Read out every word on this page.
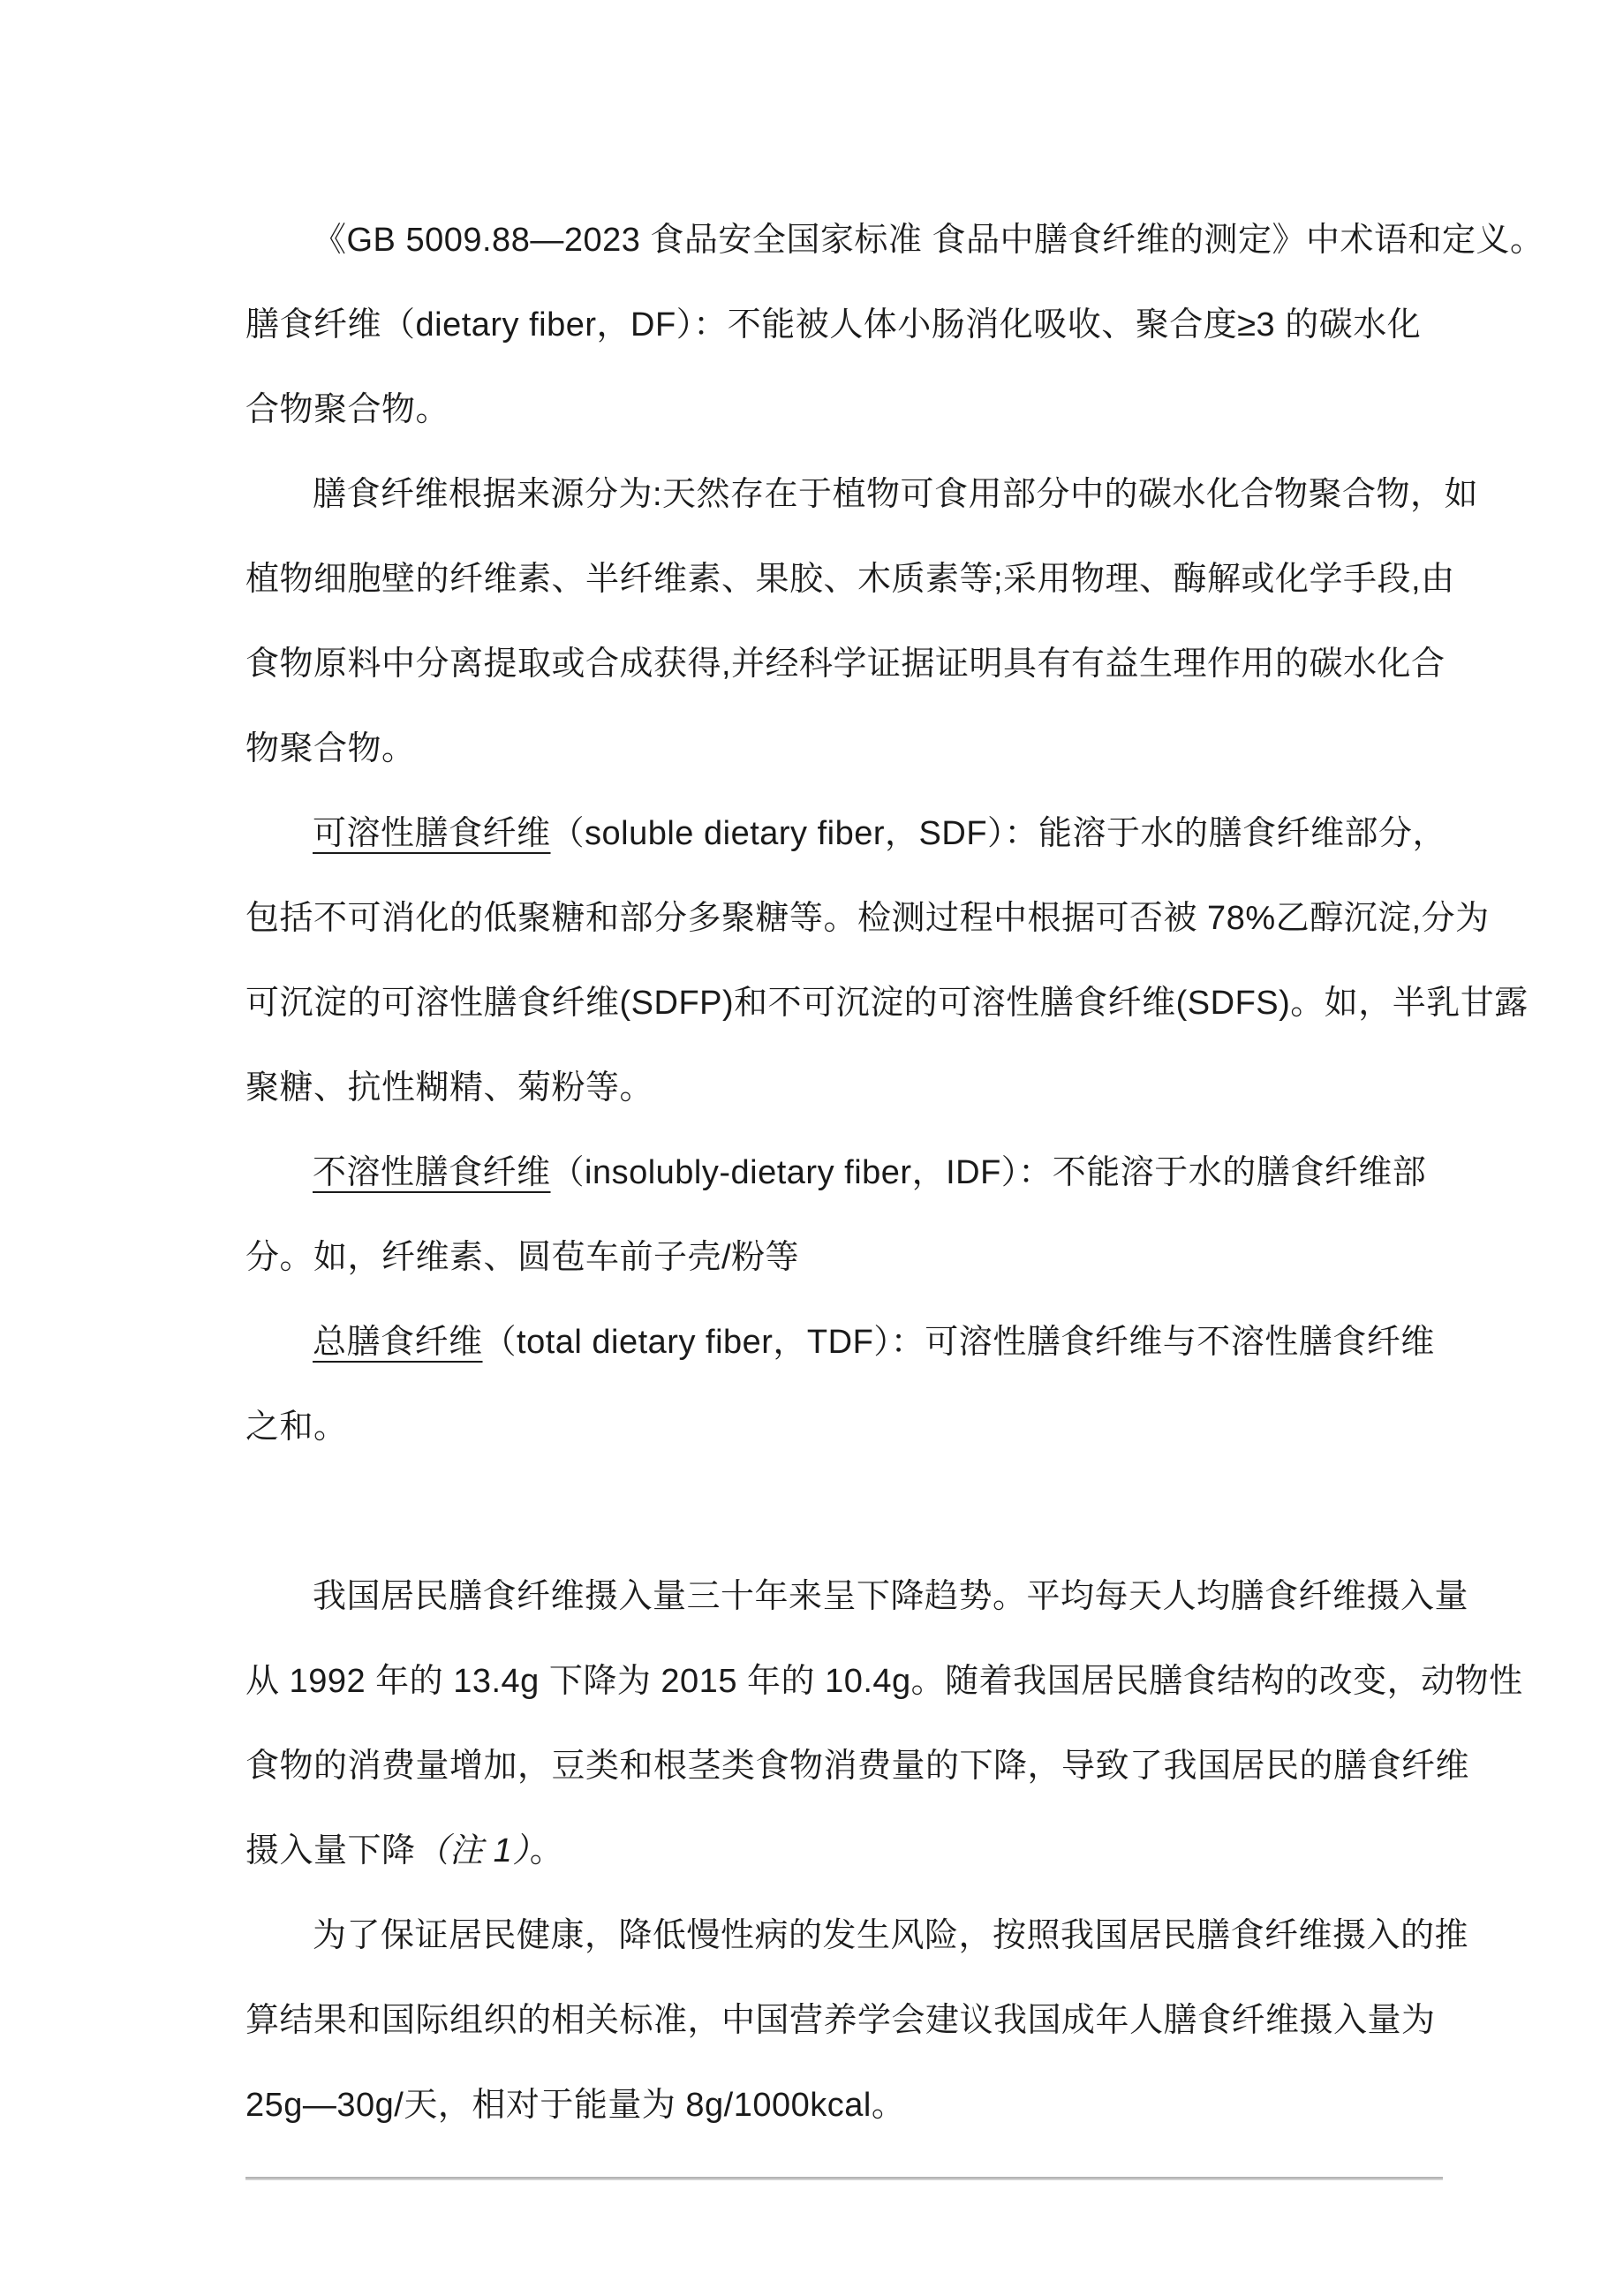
《GB 5009.88—2023 食品安全国家标准 食品中膳食纤维的测定》中术语和定义。
膳食纤维（dietary fiber，DF）：不能被人体小肠消化吸收、聚合度≥3 的碳水化
合物聚合物。
膳食纤维根据来源分为:天然存在于植物可食用部分中的碳水化合物聚合物，如
植物细胞壁的纤维素、半纤维素、果胶、木质素等;采用物理、酶解或化学手段,由
食物原料中分离提取或合成获得,并经科学证据证明具有有益生理作用的碳水化合
物聚合物。
可溶性膳食纤维（soluble dietary fiber，SDF）：能溶于水的膳食纤维部分，
包括不可消化的低聚糖和部分多聚糖等。检测过程中根据可否被 78%乙醇沉淀,分为
可沉淀的可溶性膳食纤维(SDFP)和不可沉淀的可溶性膳食纤维(SDFS)。如，半乳甘露
聚糖、抗性糊精、菊粉等。
不溶性膳食纤维（insolubly-dietary fiber，IDF）：不能溶于水的膳食纤维部
分。如，纤维素、圆苞车前子壳/粉等
总膳食纤维（total dietary fiber，TDF）：可溶性膳食纤维与不溶性膳食纤维
之和。
我国居民膳食纤维摄入量三十年来呈下降趋势。平均每天人均膳食纤维摄入量
从 1992 年的 13.4g 下降为 2015 年的 10.4g。随着我国居民膳食结构的改变，动物性
食物的消费量增加，豆类和根茎类食物消费量的下降，导致了我国居民的膳食纤维
摄入量下降（注 1）。
为了保证居民健康，降低慢性病的发生风险，按照我国居民膳食纤维摄入的推
算结果和国际组织的相关标准，中国营养学会建议我国成年人膳食纤维摄入量为
25g—30g/天，相对于能量为 8g/1000kcal。
